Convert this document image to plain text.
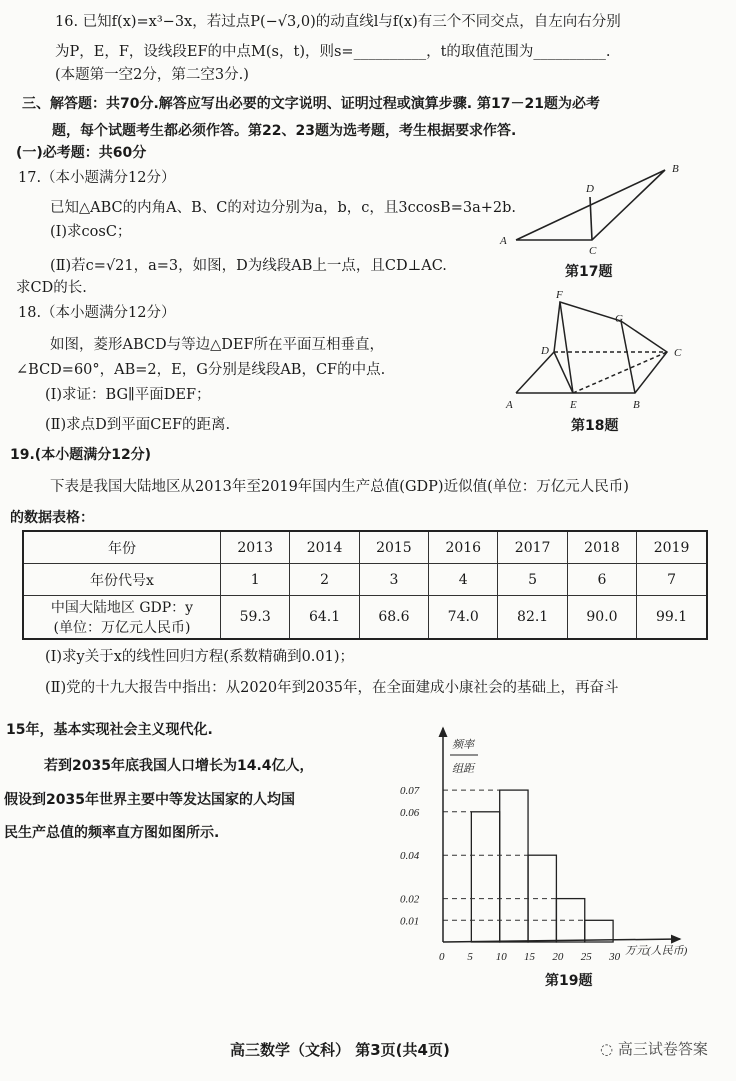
16. 已知f(x)=x³−3x，若过点P(−√3,0)的动直线l与f(x)有三个不同交点，自左向右分别
为P，E，F，设线段EF的中点M(s，t)，则s=__________，t的取值范围为__________.
(本题第一空2分，第二空3分.)
三、解答题：共70分.解答应写出必要的文字说明、证明过程或演算步骤. 第17－21题为必考
题，每个试题考生都必须作答。第22、23题为选考题，考生根据要求作答.
(一)必考题：共60分
17.（本小题满分12分）
已知△ABC的内角A、B、C的对边分别为a，b，c，且3ccosB=3a+2b.
(Ⅰ)求cosC；
(Ⅱ)若c=√21，a=3，如图，D为线段AB上一点，且CD⊥AC.
求CD的长.
A
B
C
D
A	B
C
D
E
F
G
第17题
第18题
18.（本小题满分12分）
如图，菱形ABCD与等边△DEF所在平面互相垂直，
∠BCD=60°，AB=2，E，G分别是线段AB，CF的中点.
(Ⅰ)求证：BG∥平面DEF；
(Ⅱ)求点D到平面CEF的距离.
19.(本小题满分12分)
下表是我国大陆地区从2013年至2019年国内生产总值(GDP)近似值(单位：万亿元人民币)
的数据表格：
年份	2013	2014	2015	2016	2017	2018	2019
年份代号x	1	2	3	4	5	6	7

中国大陆地区 GDP：y
(单位：万亿元人民币)	59.3	64.1	68.6	74.0	82.1	90.0	99.1
(Ⅰ)求y关于x的线性回归方程(系数精确到0.01)；
(Ⅱ)党的十九大报告中指出：从2020年到2035年，在全面建成小康社会的基础上，再奋斗
15年，基本实现社会主义现代化.
若到2035年底我国人口增长为14.4亿人，
假设到2035年世界主要中等发达国家的人均国
民生产总值的频率直方图如图所示.
0.01
0.02
0.04
0.06
0.07
0 5 10 15 20 25 30 万元(人民币)
频率
组距
第19题
高三数学（文科） 第3页(共4页)	◌ 高三试卷答案
